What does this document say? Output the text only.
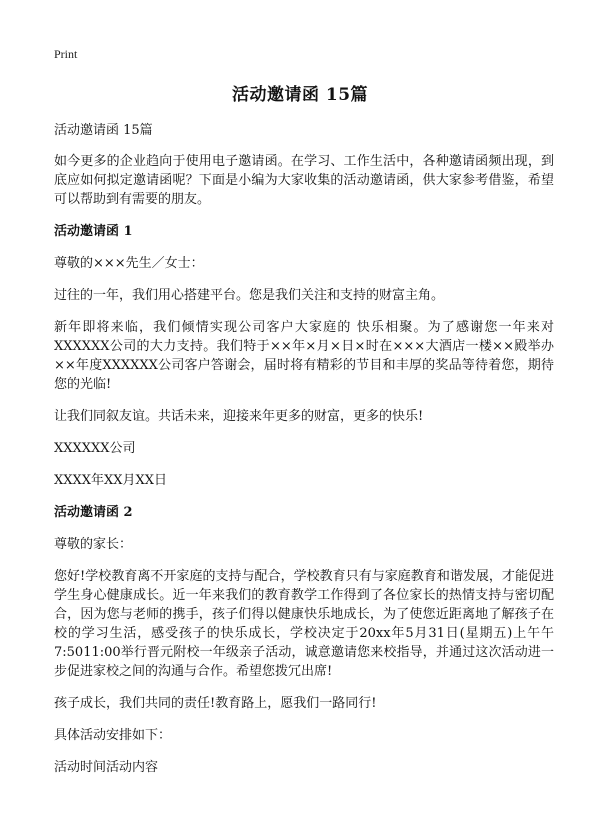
Print
活动邀请函 15篇

活动邀请函 15篇

如今更多的企业趋向于使用电子邀请函。在学习、工作生活中，各种邀请函频出现，到底应如何拟定邀请函呢？下面是小编为大家收集的活动邀请函，供大家参考借鉴，希望可以帮助到有需要的朋友。

活动邀请函 1

尊敬的×××先生／女士：

过往的一年，我们用心搭建平台。您是我们关注和支持的财富主角。

新年即将来临，我们倾情实现公司客户大家庭的 快乐相聚。为了感谢您一年来对XXXXXX公司的大力支持。我们特于××年×月×日×时在×××大酒店一楼××殿举办××年度XXXXXX公司客户答谢会，届时将有精彩的节目和丰厚的奖品等待着您，期待您的光临!

让我们同叙友谊。共话未来，迎接来年更多的财富，更多的快乐!

XXXXXX公司

XXXX年XX月XX日

活动邀请函 2

尊敬的家长：

您好!学校教育离不开家庭的支持与配合，学校教育只有与家庭教育和谐发展，才能促进学生身心健康成长。近一年来我们的教育教学工作得到了各位家长的热情支持与密切配合，因为您与老师的携手，孩子们得以健康快乐地成长，为了使您近距离地了解孩子在校的学习生活，感受孩子的快乐成长，学校决定于20xx年5月31日(星期五)上午午7:5011:00举行晋元附校一年级亲子活动，诚意邀请您来校指导，并通过这次活动进一步促进家校之间的沟通与合作。希望您拨冗出席!

孩子成长，我们共同的责任!教育路上，愿我们一路同行!

具体活动安排如下：

活动时间活动内容
